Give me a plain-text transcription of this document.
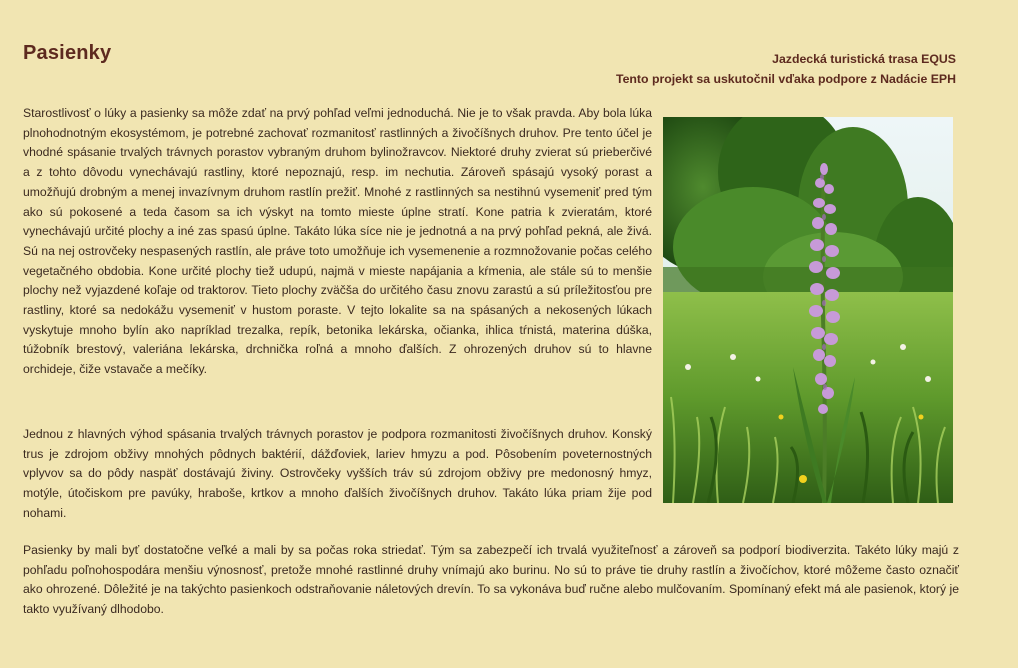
Pasienky	Jazdecká turistická trasa EQUS
Tento projekt sa uskutočnil vďaka podpore z Nadácie EPH
Starostlivosť o lúky a pasienky sa môže zdať na prvý pohľad veľmi jednoduchá. Nie je to však pravda. Aby bola lúka plnohodnotným ekosystémom, je potrebné zachovať rozmanitosť rastlinných a živočíšnych druhov. Pre tento účel je vhodné spásanie trvalých trávnych porastov vybraným druhom bylinožravcov. Niektoré druhy zvierat sú prieberčivé a z tohto dôvodu vynechávajú rastliny, ktoré nepoznajú, resp. im nechutia. Zároveň spásajú vysoký porast a umožňujú drobným a menej invazívnym druhom rastlín prežiť. Mnohé z rastlinných sa nestihnú vysemeniť pred tým ako sú pokosené a teda časom sa ich výskyt na tomto mieste úplne stratí. Kone patria k zvieratám, ktoré vynechávajú určité plochy a iné zas spasú úplne. Takáto lúka síce nie je jednotná a na prvý pohľad pekná, ale živá. Sú na nej ostrovčeky nespasených rastlín, ale práve toto umožňuje ich vysemenenie a rozmnožovanie počas celého vegetačného obdobia. Kone určité plochy tiež udupú, najmä v mieste napájania a kŕmenia, ale stále sú to menšie plochy než vyjazdené koľaje od traktorov. Tieto plochy zväčša do určitého času znovu zarastú a sú príležitosťou pre rastliny, ktoré sa nedokážu vysemeniť v hustom poraste. V tejto lokalite sa na spásaných a nekosených lúkach vyskytuje mnoho bylín ako napríklad trezalka, repík, betonika lekárska, očianka, ihlica tŕnistá, materina dúška, túžobník brestový, valeriána lekárska, drchnička roľná a mnoho ďalších. Z ohrozených druhov sú to hlavne orchideje, čiže vstavače a mečíky.
Jednou z hlavných výhod spásania trvalých trávnych porastov je podpora rozmanitosti živočíšnych druhov. Konský trus je zdrojom obživy mnohých pôdnych baktérií, dážďoviek, lariev hmyzu a pod. Pôsobením poveternostných vplyvov sa do pôdy naspäť dostávajú živiny. Ostrovčeky vyšších tráv sú zdrojom obživy pre medonosný hmyz, motýle, útočiskom pre pavúky, hraboše, krtkov a mnoho ďalších živočíšnych druhov. Takáto lúka priam žije pod nohami.
Pasienky by mali byť dostatočne veľké a mali by sa počas roka striedať. Tým sa zabezpečí ich trvalá využiteľnosť a zároveň sa podporí biodiverzita. Takéto lúky majú z pohľadu poľnohospodára menšiu výnosnosť, pretože mnohé rastlinné druhy vnímajú ako burinu. No sú to práve tie druhy rastlín a živočíchov, ktoré môžeme často označiť ako ohrozené. Dôležité je na takýchto pasienkoch odstraňovanie náletových drevín. To sa vykonáva buď ručne alebo mulčovaním. Spomínaný efekt má ale pasienok, ktorý je takto využívaný dlhodobo.
